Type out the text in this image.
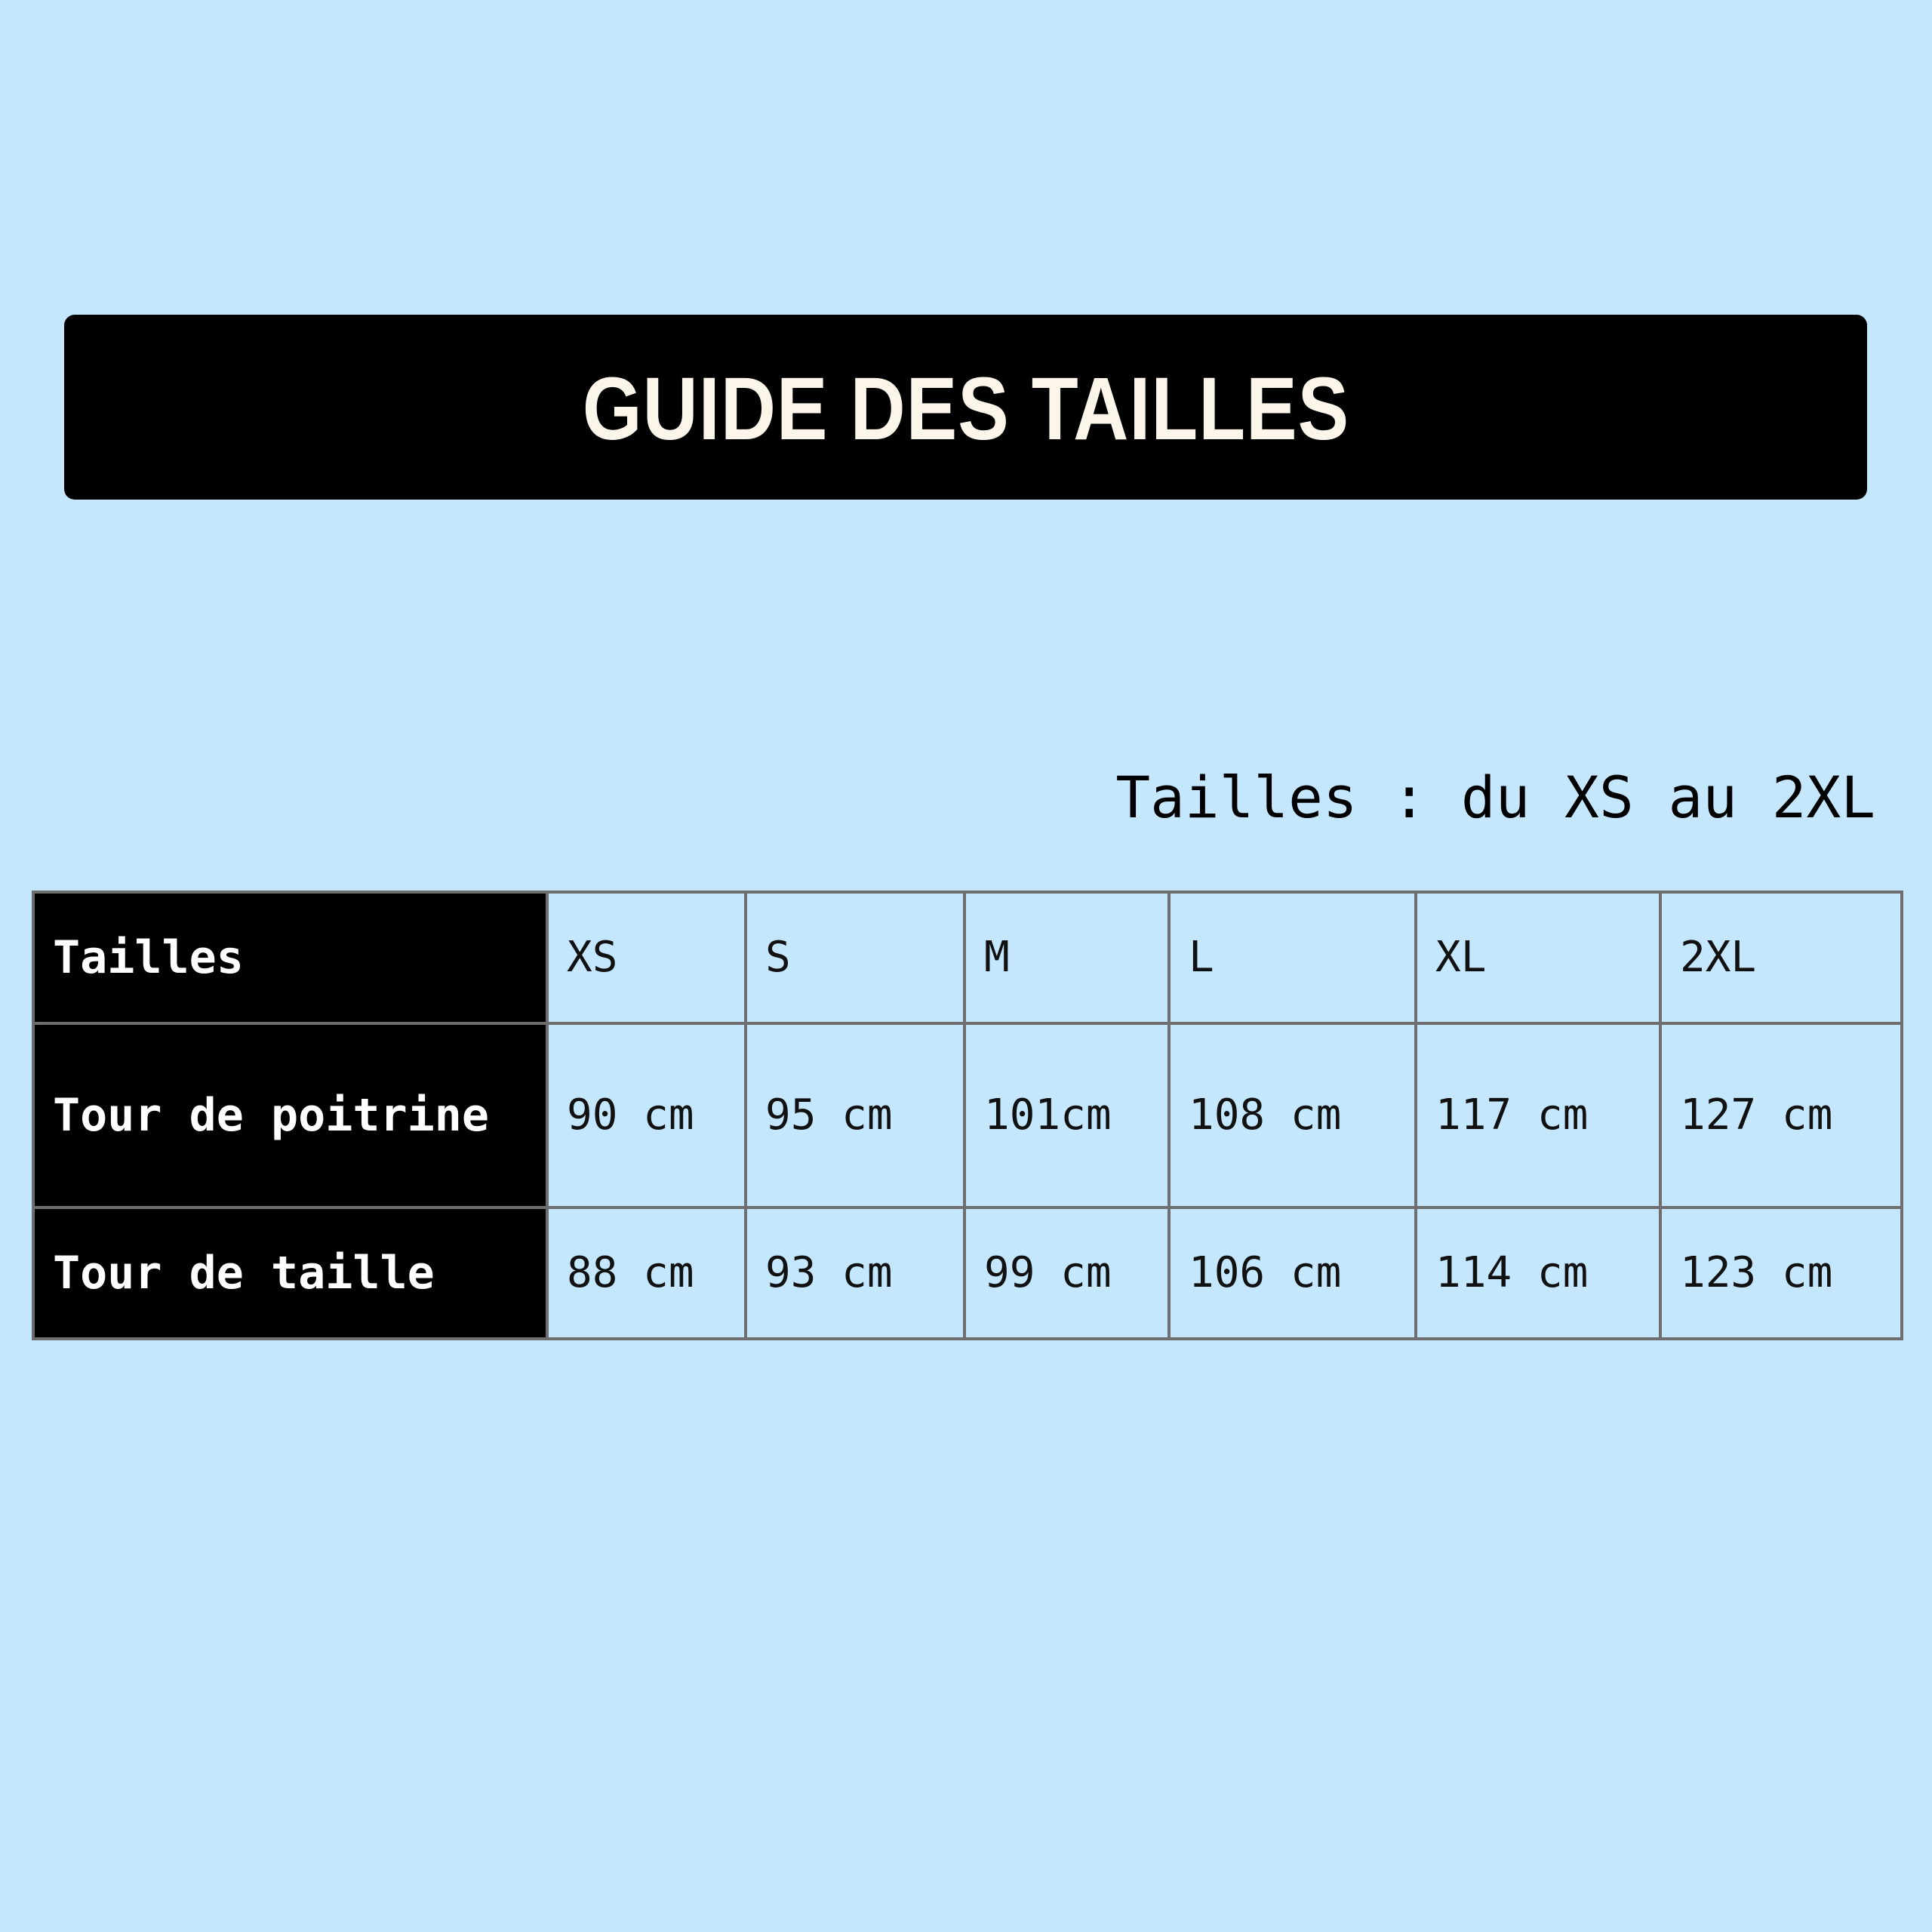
GUIDE DES TAILLES
Tailles : du XS au 2XL
Tailles	XS	S	M	L	XL	2XL
Tour de poitrine	90 cm	95 cm	101cm	108 cm	117 cm	127 cm
Tour de taille	88 cm	93 cm	99 cm	106 cm	114 cm	123 cm
